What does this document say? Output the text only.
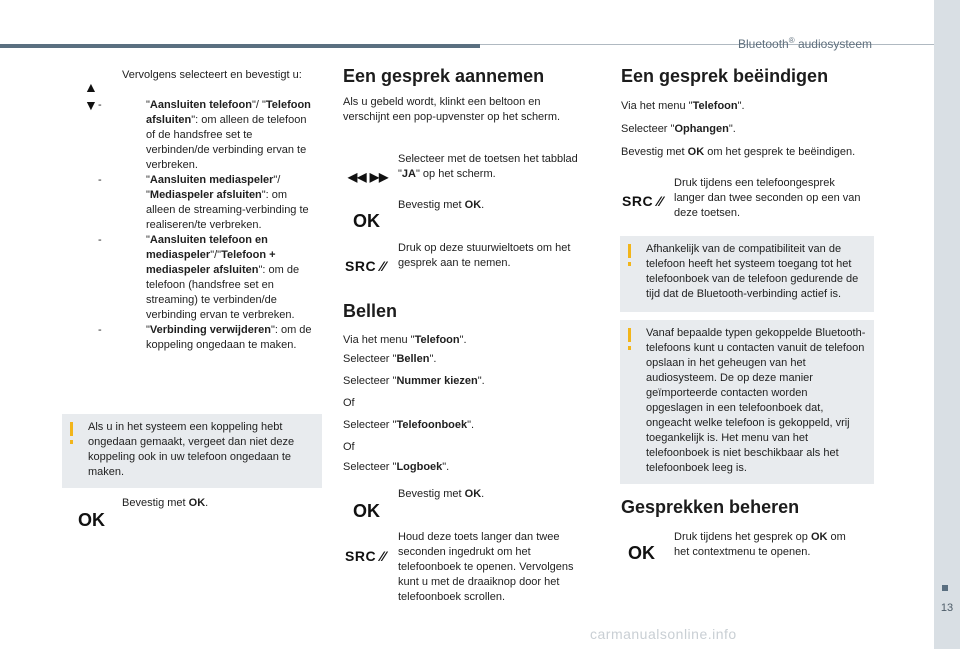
Bluetooth® audiosysteem
13
carmanualsonline.info
▲
▼
Vervolgens selecteert en bevestigt u:
-	"Aansluiten telefoon"/ "Telefoon afsluiten": om alleen de telefoon of de handsfree set te verbinden/de verbinding ervan te verbreken.
-	"Aansluiten mediaspeler"/ "Mediaspeler afsluiten": om alleen de streaming-verbinding te realiseren/te verbreken.
-	"Aansluiten telefoon en mediaspeler"/"Telefoon + mediaspeler afsluiten": om de telefoon (handsfree set en streaming) te verbinden/de verbinding ervan te verbreken.
-	"Verbinding verwijderen": om de koppeling ongedaan te maken.
Als u in het systeem een koppeling hebt ongedaan gemaakt, vergeet dan niet deze koppeling ook in uw telefoon ongedaan te maken.
OK
Bevestig met OK.
Een gesprek aannemen
Als u gebeld wordt, klinkt een beltoon en verschijnt een pop-upvenster op het scherm.
◀◀ ▶▶
Selecteer met de toetsen het tabblad "JA" op het scherm.
OK
Bevestig met OK.
SRC ⁄⁄
Druk op deze stuurwieltoets om het gesprek aan te nemen.
Bellen
Via het menu "Telefoon".
Selecteer "Bellen".
Selecteer "Nummer kiezen".
Of
Selecteer "Telefoonboek".
Of
Selecteer "Logboek".
OK
Bevestig met OK.
SRC ⁄⁄
Houd deze toets langer dan twee seconden ingedrukt om het telefoonboek te openen. Vervolgens kunt u met de draaiknop door het telefoonboek scrollen.
Een gesprek beëindigen
Via het menu "Telefoon".
Selecteer "Ophangen".
Bevestig met OK om het gesprek te beëindigen.
SRC ⁄⁄
Druk tijdens een telefoongesprek langer dan twee seconden op een van deze toetsen.
Afhankelijk van de compatibiliteit van de telefoon heeft het systeem toegang tot het telefoonboek van de telefoon gedurende de tijd dat de Bluetooth-verbinding actief is.
Vanaf bepaalde typen gekoppelde Bluetooth-telefoons kunt u contacten vanuit de telefoon opslaan in het geheugen van het audiosysteem. De op deze manier geïmporteerde contacten worden opgeslagen in een telefoonboek dat, ongeacht welke telefoon is gekoppeld, vrij toegankelijk is. Het menu van het telefoonboek is niet beschikbaar als het telefoonboek leeg is.
Gesprekken beheren
OK
Druk tijdens het gesprek op OK om het contextmenu te openen.
